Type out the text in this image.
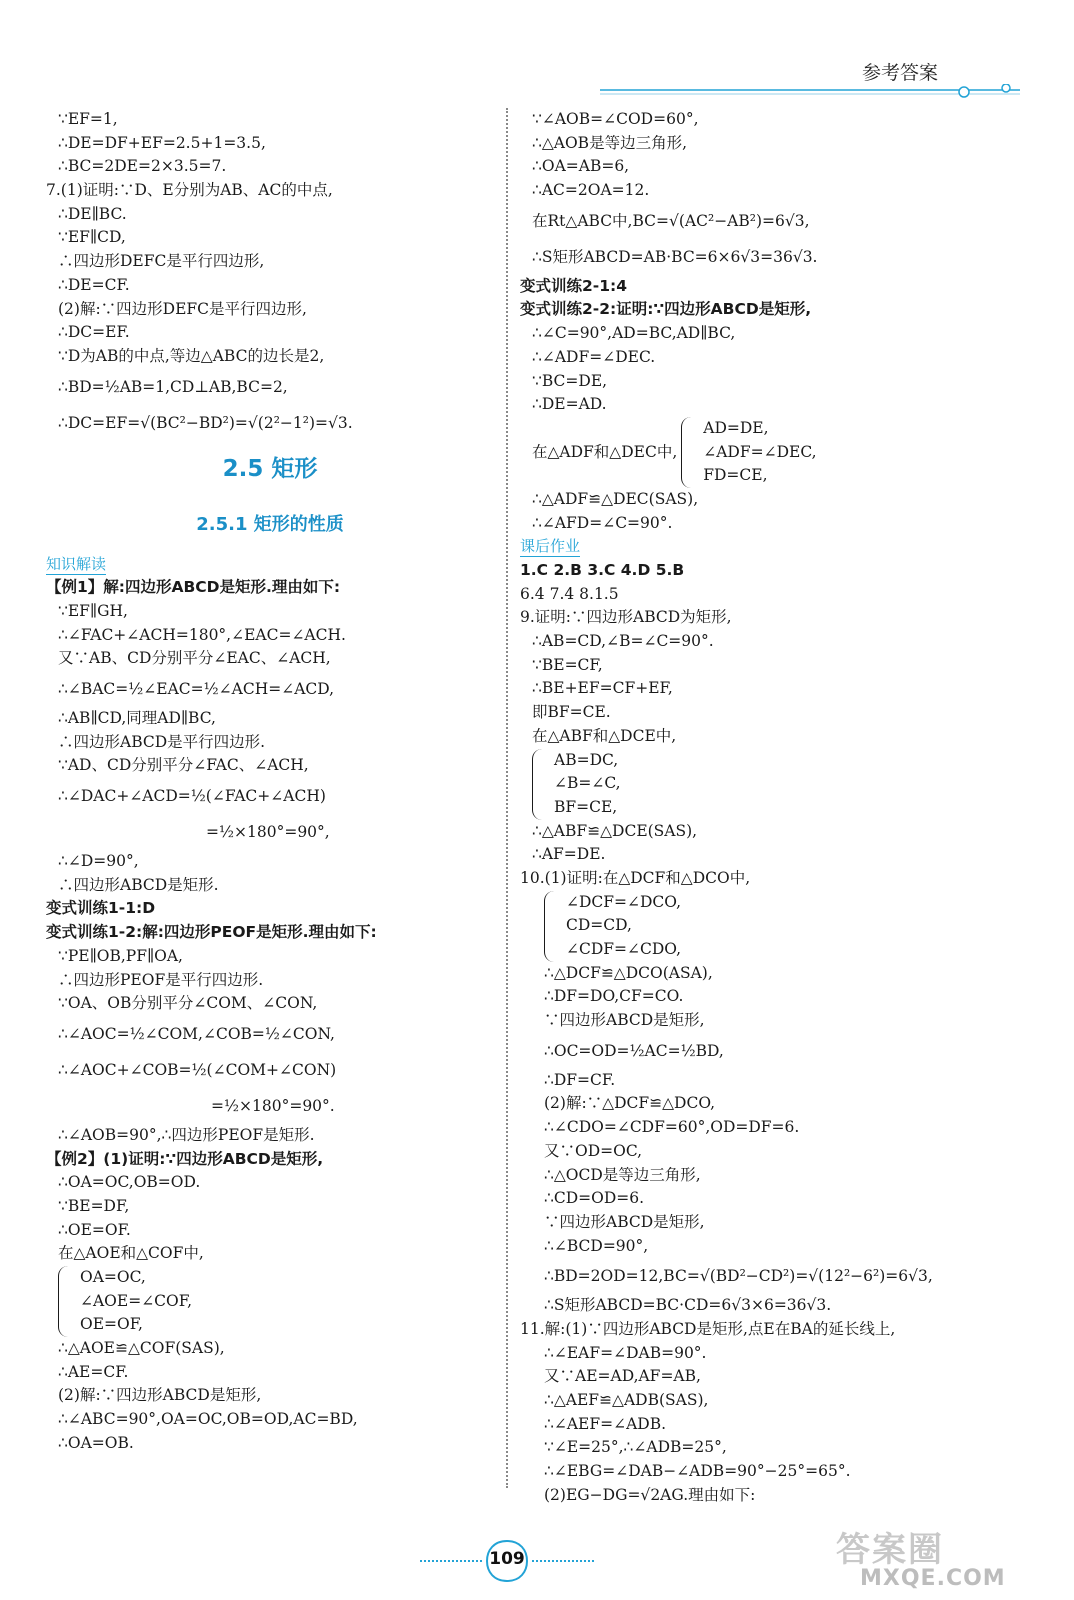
参考答案
∵EF=1,
∴DE=DF+EF=2.5+1=3.5,
∴BC=2DE=2×3.5=7.
7.(1)证明:∵D、E分别为AB、AC的中点,
∴DE∥BC.
∵EF∥CD,
∴四边形DEFC是平行四边形,
∴DE=CF.
(2)解:∵四边形DEFC是平行四边形,
∴DC=EF.
∵D为AB的中点,等边△ABC的边长是2,
∴BD=½AB=1,CD⊥AB,BC=2,
∴DC=EF=√(BC²−BD²)=√(2²−1²)=√3.
2.5 矩形
2.5.1 矩形的性质
知识解读
【例1】解:四边形ABCD是矩形.理由如下:
∵EF∥GH,
∴∠FAC+∠ACH=180°,∠EAC=∠ACH.
又∵AB、CD分别平分∠EAC、∠ACH,
∴∠BAC=½∠EAC=½∠ACH=∠ACD,
∴AB∥CD,同理AD∥BC,
∴四边形ABCD是平行四边形.
∵AD、CD分别平分∠FAC、∠ACH,
∴∠DAC+∠ACD=½(∠FAC+∠ACH)
=½×180°=90°,
∴∠D=90°,
∴四边形ABCD是矩形.
变式训练1-1:D
变式训练1-2:解:四边形PEOF是矩形.理由如下:
∵PE∥OB,PF∥OA,
∴四边形PEOF是平行四边形.
∵OA、OB分别平分∠COM、∠CON,
∴∠AOC=½∠COM,∠COB=½∠CON,
∴∠AOC+∠COB=½(∠COM+∠CON)
=½×180°=90°.
∴∠AOB=90°,∴四边形PEOF是矩形.
【例2】(1)证明:∵四边形ABCD是矩形,
∴OA=OC,OB=OD.
∵BE=DF,
∴OE=OF.
在△AOE和△COF中,
OA=OC,
∠AOE=∠COF,
OE=OF,
∴△AOE≌△COF(SAS),
∴AE=CF.
(2)解:∵四边形ABCD是矩形,
∴∠ABC=90°,OA=OC,OB=OD,AC=BD,
∴OA=OB.
∵∠AOB=∠COD=60°,
∴△AOB是等边三角形,
∴OA=AB=6,
∴AC=2OA=12.
在Rt△ABC中,BC=√(AC²−AB²)=6√3,
∴S矩形ABCD=AB·BC=6×6√3=36√3.
变式训练2-1:4
变式训练2-2:证明:∵四边形ABCD是矩形,
∴∠C=90°,AD=BC,AD∥BC,
∴∠ADF=∠DEC.
∵BC=DE,
∴DE=AD.
在△ADF和△DEC中,
AD=DE,
∠ADF=∠DEC,
FD=CE,
∴△ADF≌△DEC(SAS),
∴∠AFD=∠C=90°.
课后作业
1.C 2.B 3.C 4.D 5.B
6.4 7.4 8.1.5
9.证明:∵四边形ABCD为矩形,
∴AB=CD,∠B=∠C=90°.
∵BE=CF,
∴BE+EF=CF+EF,
即BF=CE.
在△ABF和△DCE中,
AB=DC,
∠B=∠C,
BF=CE,
∴△ABF≌△DCE(SAS),
∴AF=DE.
10.(1)证明:在△DCF和△DCO中,
∠DCF=∠DCO,
CD=CD,
∠CDF=∠CDO,
∴△DCF≌△DCO(ASA),
∴DF=DO,CF=CO.
∵四边形ABCD是矩形,
∴OC=OD=½AC=½BD,
∴DF=CF.
(2)解:∵△DCF≌△DCO,
∴∠CDO=∠CDF=60°,OD=DF=6.
又∵OD=OC,
∴△OCD是等边三角形,
∴CD=OD=6.
∵四边形ABCD是矩形,
∴∠BCD=90°,
∴BD=2OD=12,BC=√(BD²−CD²)=√(12²−6²)=6√3,
∴S矩形ABCD=BC·CD=6√3×6=36√3.
11.解:(1)∵四边形ABCD是矩形,点E在BA的延长线上,
∴∠EAF=∠DAB=90°.
又∵AE=AD,AF=AB,
∴△AEF≌△ADB(SAS),
∴∠AEF=∠ADB.
∵∠E=25°,∴∠ADB=25°,
∴∠EBG=∠DAB−∠ADB=90°−25°=65°.
(2)EG−DG=√2AG.理由如下:
109	答案圈
MXQE.COM
